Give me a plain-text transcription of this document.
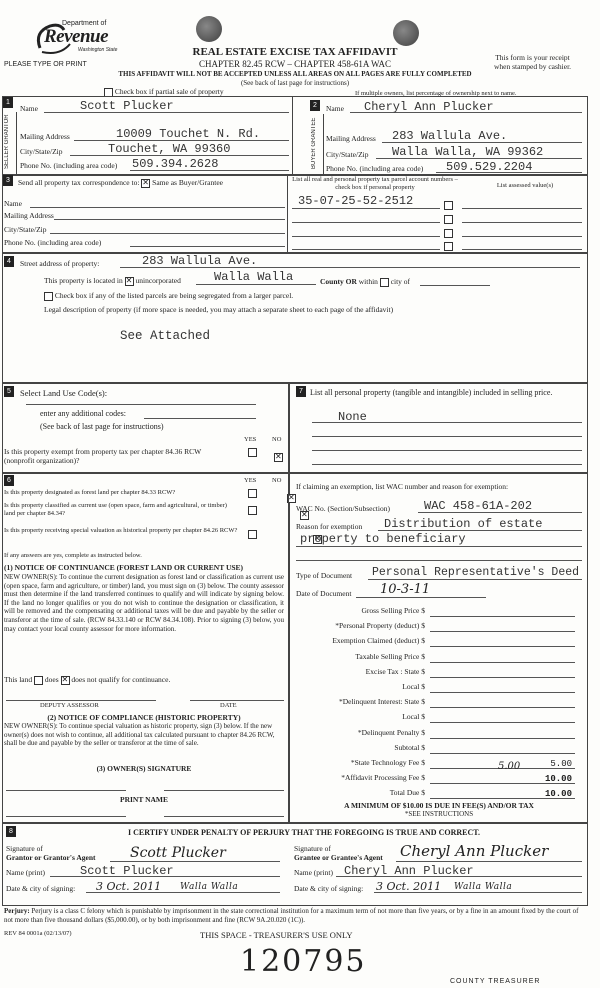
Department of
Revenue
Washington State
PLEASE TYPE OR PRINT
REAL ESTATE EXCISE TAX AFFIDAVIT
CHAPTER 82.45 RCW – CHAPTER 458-61A WAC
THIS AFFIDAVIT WILL NOT BE ACCEPTED UNLESS ALL AREAS ON ALL PAGES ARE FULLY COMPLETED
(See back of last page for instructions)
This form is your receipt
when stamped by cashier.
Check box if partial sale of property	If multiple owners, list percentage of ownership next to name.
1
SELLER GRANTOR
Name	Scott Plucker
Mailing Address	10009 Touchet N. Rd.
City/State/Zip	Touchet, WA 99360
Phone No. (including area code) 509.394.2628
2
BUYER GRANTEE
Name Cheryl Ann Plucker
Mailing Address 283 Wallula Ave.
City/State/Zip Walla Walla, WA 99362
Phone No. (including area code) 509.529.2204
3	Send all property tax correspondence to: ✕ Same as Buyer/Grantee
Name
Mailing Address
City/State/Zip
Phone No. (including area code)
List all real and personal property tax parcel account numbers – check box if personal property	List assessed value(s)
35-07-25-52-2512
4	Street address of property:	283 Wallula Ave.
This property is located in ✕ unincorporated	Walla Walla	County OR within city of
Check box if any of the listed parcels are being segregated from a larger parcel.
Legal description of property (if more space is needed, you may attach a separate sheet to each page of the affidavit)
See Attached
5	Select Land Use Code(s):
enter any additional codes:
(See back of last page for instructions)
YES NO
Is this property exempt from property tax per chapter 84.36 RCW (nonprofit organization)?
✕
7 List all personal property (tangible and intangible) included in selling price.
None
6	YES NO
Is this property designated as forest land per chapter 84.33 RCW?
✕
Is this property classified as current use (open space, farm and agricultural, or timber) land per chapter 84.34?
✕
Is this property receiving special valuation as historical property per chapter 84.26 RCW?
✕
If any answers are yes, complete as instructed below.
(1) NOTICE OF CONTINUANCE (FOREST LAND OR CURRENT USE)
NEW OWNER(S): To continue the current designation as forest land or classification as current use (open space, farm and agriculture, or timber) land, you must sign on (3) below. The county assessor must then determine if the land transferred continues to qualify and will indicate by signing below. If the land no longer qualifies or you do not wish to continue the designation or classification, it will be removed and the compensating or additional taxes will be due and payable by the seller or transferor at the time of sale. (RCW 84.33.140 or RCW 84.34.108). Prior to signing (3) below, you may contact your local county assessor for more information.
This land does ✕ does not qualify for continuance.
DEPUTY ASSESSOR	DATE
(2) NOTICE OF COMPLIANCE (HISTORIC PROPERTY)
NEW OWNER(S): To continue special valuation as historic property, sign (3) below. If the new owner(s) does not wish to continue, all additional tax calculated pursuant to chapter 84.26 RCW, shall be due and payable by the seller or transferor at the time of sale.
(3) OWNER(S) SIGNATURE
PRINT NAME
If claiming an exemption, list WAC number and reason for exemption:
WAC No. (Section/Subsection)	WAC 458-61A-202
Reason for exemption Distribution of estate
property to beneficiary
Type of Document Personal Representative's Deed
Date of Document 10-3-11
Gross Selling Price $
*Personal Property (deduct) $
Exemption Claimed (deduct) $
Taxable Selling Price $
Excise Tax : State $
Local $
*Delinquent Interest: State $
Local $
*Delinquent Penalty $
Subtotal $
*State Technology Fee $	5.00
*Affidavit Processing Fee $	10.00
Total Due $	10.00
5.00
A MINIMUM OF $10.00 IS DUE IN FEE(S) AND/OR TAX
*SEE INSTRUCTIONS
8	I CERTIFY UNDER PENALTY OF PERJURY THAT THE FOREGOING IS TRUE AND CORRECT.
Signature of
Grantor or Grantor's Agent Scott Plucker
Name (print)	Scott Plucker
Date & city of signing: 3 Oct. 2011 Walla Walla
Signature of
Grantee or Grantee's Agent Cheryl Ann Plucker
Name (print) Cheryl Ann Plucker
Date & city of signing: 3 Oct. 2011 Walla Walla
Perjury: Perjury is a class C felony which is punishable by imprisonment in the state correctional institution for a maximum term of not more than five years, or by a fine in an amount fixed by the court of not more than five thousand dollars ($5,000.00), or by both imprisonment and fine (RCW 9A.20.020 (1C)).
REV 84 0001a (02/13/07)	THIS SPACE - TREASURER'S USE ONLY
120795
COUNTY TREASURER
